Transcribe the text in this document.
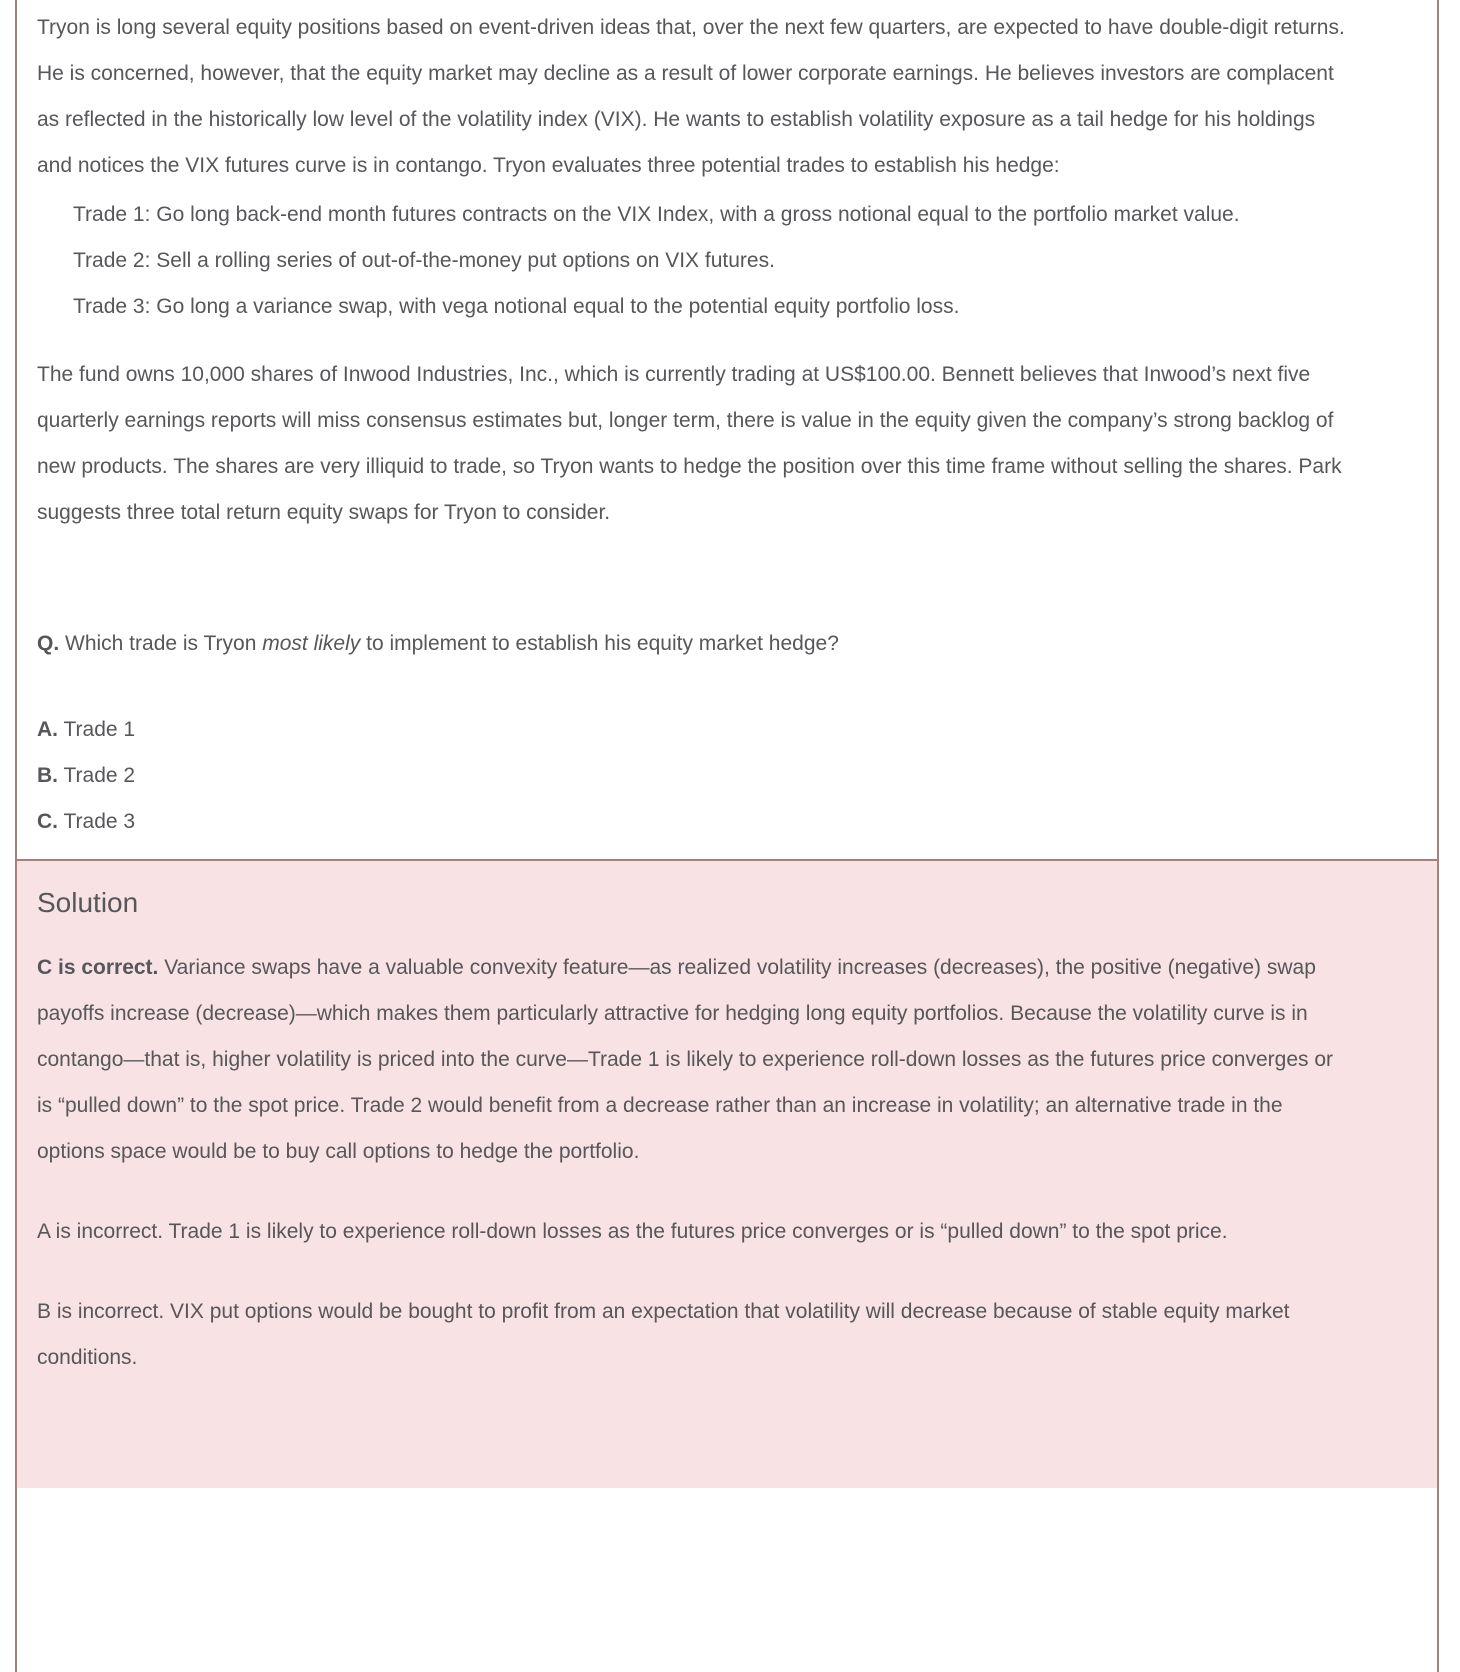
Tryon is long several equity positions based on event-driven ideas that, over the next few quarters, are expected to have double-digit returns. He is concerned, however, that the equity market may decline as a result of lower corporate earnings. He believes investors are complacent as reflected in the historically low level of the volatility index (VIX). He wants to establish volatility exposure as a tail hedge for his holdings and notices the VIX futures curve is in contango. Tryon evaluates three potential trades to establish his hedge:

Trade 1: Go long back-end month futures contracts on the VIX Index, with a gross notional equal to the portfolio market value.

Trade 2: Sell a rolling series of out-of-the-money put options on VIX futures.

Trade 3: Go long a variance swap, with vega notional equal to the potential equity portfolio loss.

The fund owns 10,000 shares of Inwood Industries, Inc., which is currently trading at US$100.00. Bennett believes that Inwood’s next five quarterly earnings reports will miss consensus estimates but, longer term, there is value in the equity given the company’s strong backlog of new products. The shares are very illiquid to trade, so Tryon wants to hedge the position over this time frame without selling the shares. Park suggests three total return equity swaps for Tryon to consider.

Q. Which trade is Tryon most likely to implement to establish his equity market hedge?

A. Trade 1
B. Trade 2
C. Trade 3
Solution

C is correct. Variance swaps have a valuable convexity feature—as realized volatility increases (decreases), the positive (negative) swap payoffs increase (decrease)—which makes them particularly attractive for hedging long equity portfolios. Because the volatility curve is in contango—that is, higher volatility is priced into the curve—Trade 1 is likely to experience roll-down losses as the futures price converges or is “pulled down” to the spot price. Trade 2 would benefit from a decrease rather than an increase in volatility; an alternative trade in the options space would be to buy call options to hedge the portfolio.

A is incorrect. Trade 1 is likely to experience roll-down losses as the futures price converges or is “pulled down” to the spot price.

B is incorrect. VIX put options would be bought to profit from an expectation that volatility will decrease because of stable equity market conditions.
